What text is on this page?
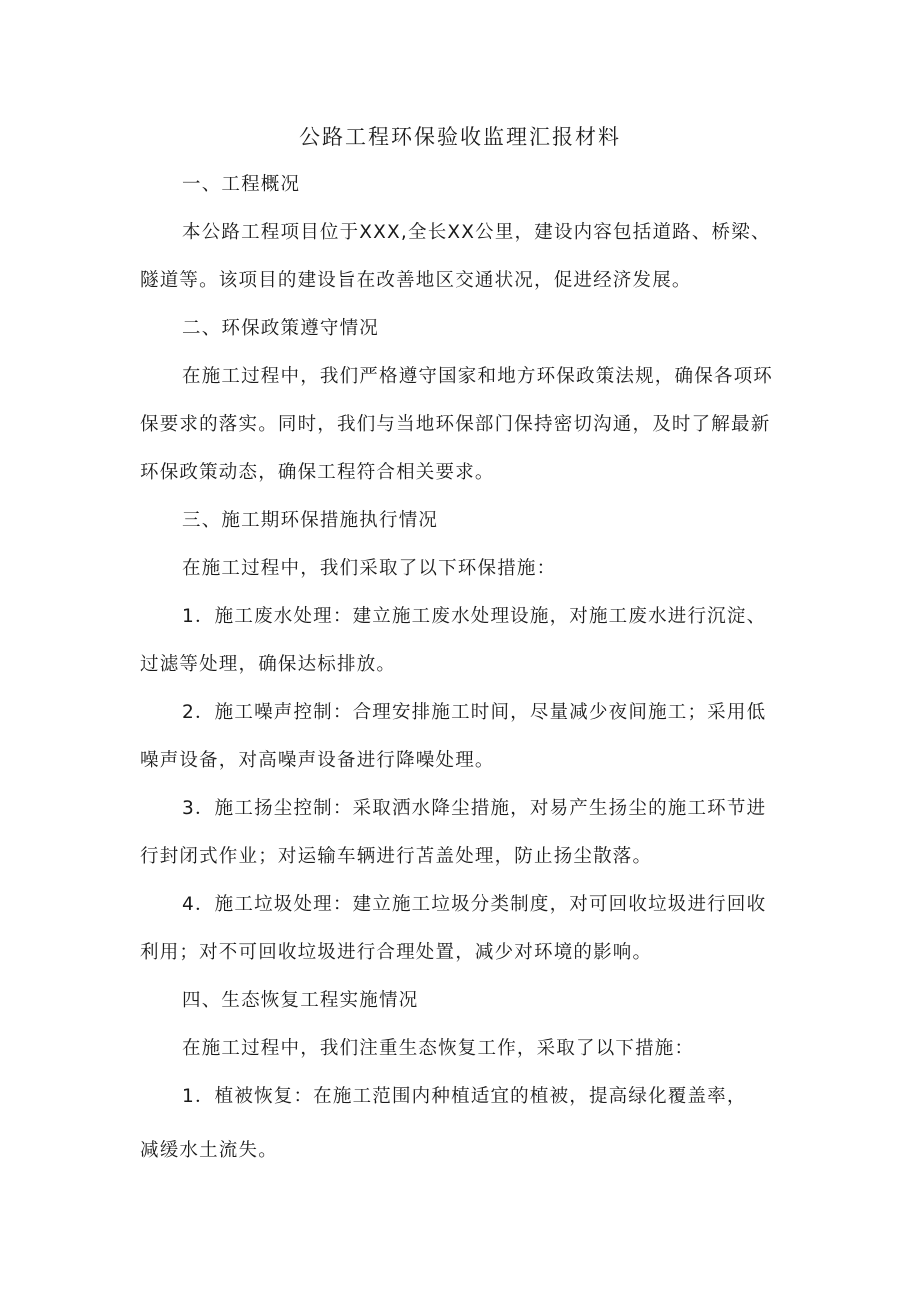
公路工程环保验收监理汇报材料
一、工程概况
本公路工程项目位于XXX,全长XX公里，建设内容包括道路、桥梁、
隧道等。该项目的建设旨在改善地区交通状况，促进经济发展。
二、环保政策遵守情况
在施工过程中，我们严格遵守国家和地方环保政策法规，确保各项环
保要求的落实。同时，我们与当地环保部门保持密切沟通，及时了解最新
环保政策动态，确保工程符合相关要求。
三、施工期环保措施执行情况
在施工过程中，我们采取了以下环保措施：
1．施工废水处理：建立施工废水处理设施，对施工废水进行沉淀、
过滤等处理，确保达标排放。
2．施工噪声控制：合理安排施工时间，尽量减少夜间施工；采用低
噪声设备，对高噪声设备进行降噪处理。
3．施工扬尘控制：采取洒水降尘措施，对易产生扬尘的施工环节进
行封闭式作业；对运输车辆进行苫盖处理，防止扬尘散落。
4．施工垃圾处理：建立施工垃圾分类制度，对可回收垃圾进行回收
利用；对不可回收垃圾进行合理处置，减少对环境的影响。
四、生态恢复工程实施情况
在施工过程中，我们注重生态恢复工作，采取了以下措施：
1．植被恢复：在施工范围内种植适宜的植被，提高绿化覆盖率，
减缓水土流失。
